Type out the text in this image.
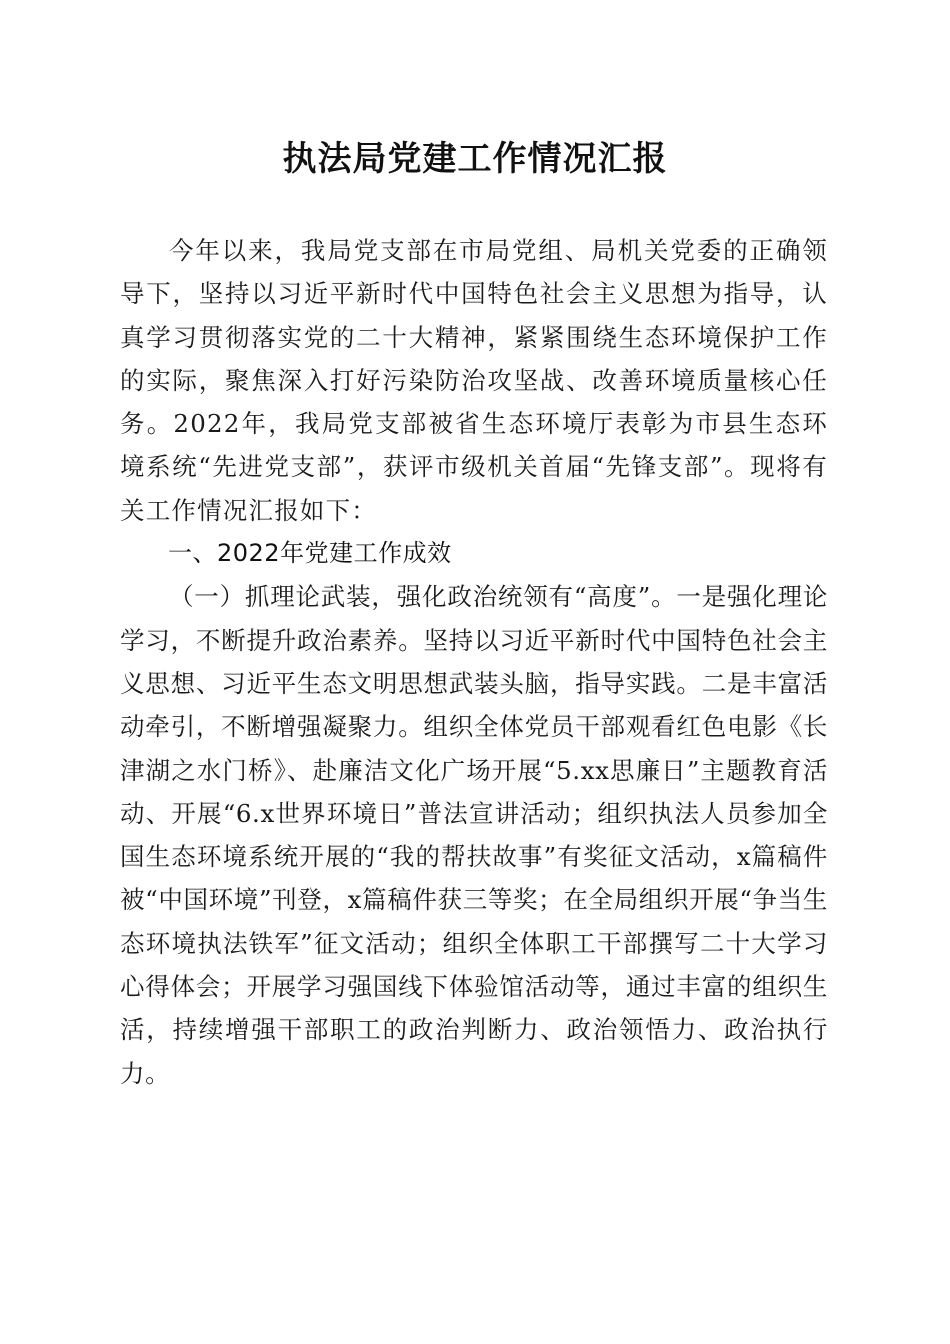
执法局党建工作情况汇报

今年以来，我局党支部在市局党组、局机关党委的正确领导下，坚持以习近平新时代中国特色社会主义思想为指导，认真学习贯彻落实党的二十大精神，紧紧围绕生态环境保护工作的实际，聚焦深入打好污染防治攻坚战、改善环境质量核心任务。2022年，我局党支部被省生态环境厅表彰为市县生态环境系统“先进党支部”，获评市级机关首届“先锋支部”。现将有关工作情况汇报如下：

一、2022年党建工作成效

（一）抓理论武装，强化政治统领有“高度”。一是强化理论学习，不断提升政治素养。坚持以习近平新时代中国特色社会主义思想、习近平生态文明思想武装头脑，指导实践。二是丰富活动牵引，不断增强凝聚力。组织全体党员干部观看红色电影《长津湖之水门桥》、赴廉洁文化广场开展“5.xx思廉日”主题教育活动、开展“6.x世界环境日”普法宣讲活动；组织执法人员参加全国生态环境系统开展的“我的帮扶故事”有奖征文活动，x篇稿件被“中国环境”刊登，x篇稿件获三等奖；在全局组织开展“争当生态环境执法铁军”征文活动；组织全体职工干部撰写二十大学习心得体会；开展学习强国线下体验馆活动等，通过丰富的组织生活，持续增强干部职工的政治判断力、政治领悟力、政治执行力。
